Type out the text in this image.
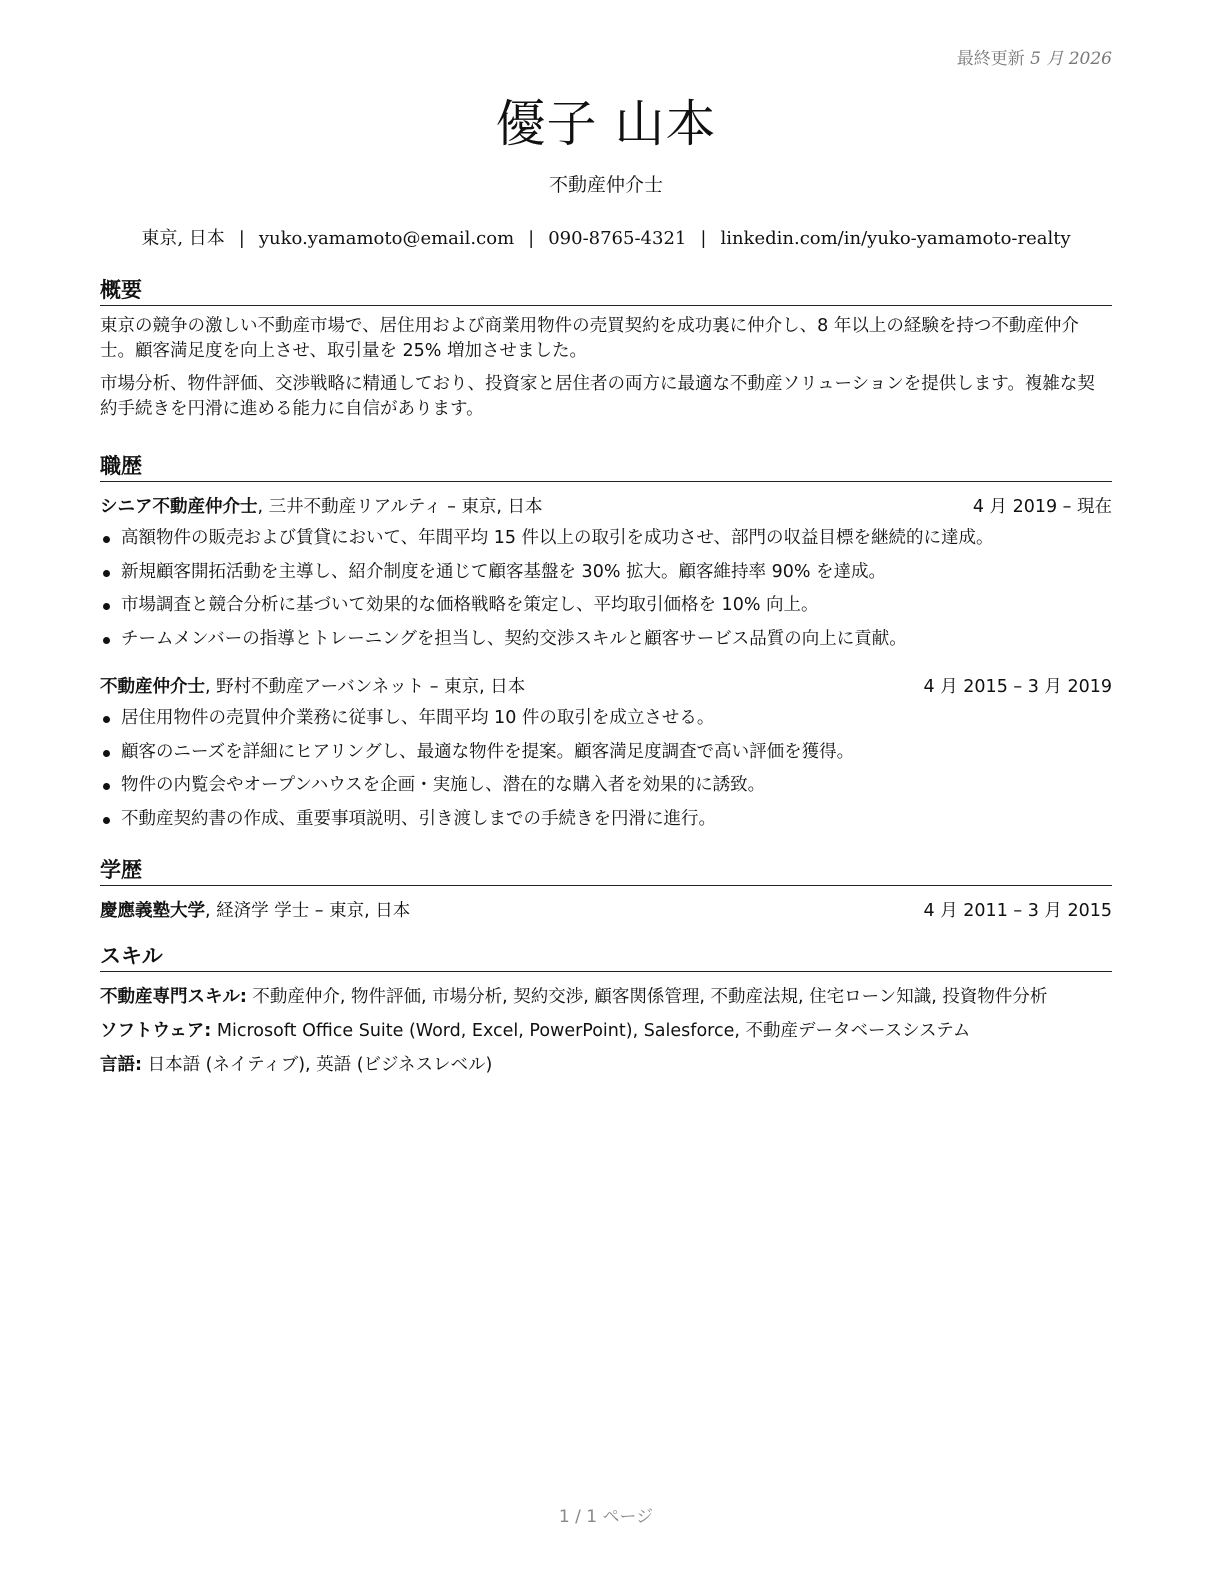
最終更新 5 月 2026
優子 山本
不動産仲介士
東京, 日本 | yuko.yamamoto@email.com | 090-8765-4321 | linkedin.com/in/yuko-yamamoto-realty
概要
東京の競争の激しい不動産市場で、居住用および商業用物件の売買契約を成功裏に仲介し、8 年以上の経験を持つ不動産仲介士。顧客満足度を向上させ、取引量を 25% 増加させました。
市場分析、物件評価、交渉戦略に精通しており、投資家と居住者の両方に最適な不動産ソリューションを提供します。複雑な契約手続きを円滑に進める能力に自信があります。
職歴
シニア不動産仲介士, 三井不動産リアルティ – 東京, 日本	4 月 2019 – 現在
高額物件の販売および賃貸において、年間平均 15 件以上の取引を成功させ、部門の収益目標を継続的に達成。
新規顧客開拓活動を主導し、紹介制度を通じて顧客基盤を 30% 拡大。顧客維持率 90% を達成。
市場調査と競合分析に基づいて効果的な価格戦略を策定し、平均取引価格を 10% 向上。
チームメンバーの指導とトレーニングを担当し、契約交渉スキルと顧客サービス品質の向上に貢献。
不動産仲介士, 野村不動産アーバンネット – 東京, 日本	4 月 2015 – 3 月 2019
居住用物件の売買仲介業務に従事し、年間平均 10 件の取引を成立させる。
顧客のニーズを詳細にヒアリングし、最適な物件を提案。顧客満足度調査で高い評価を獲得。
物件の内覧会やオープンハウスを企画・実施し、潜在的な購入者を効果的に誘致。
不動産契約書の作成、重要事項説明、引き渡しまでの手続きを円滑に進行。
学歴
慶應義塾大学, 経済学 学士 – 東京, 日本	4 月 2011 – 3 月 2015
スキル
不動産専門スキル: 不動産仲介, 物件評価, 市場分析, 契約交渉, 顧客関係管理, 不動産法規, 住宅ローン知識, 投資物件分析
ソフトウェア: Microsoft Office Suite (Word, Excel, PowerPoint), Salesforce, 不動産データベースシステム
言語: 日本語 (ネイティブ), 英語 (ビジネスレベル)
1 / 1 ページ
